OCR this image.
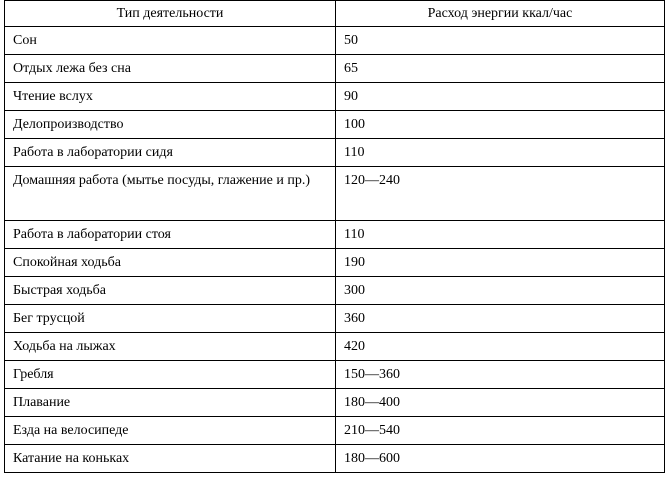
Тип деятельности	Расход энергии ккал/час
Сон	50
Отдых лежа без сна	65
Чтение вслух	90
Делопроизводство	100
Работа в лаборатории сидя	110
Домашняя работа (мытье посуды, глажение и пр.)	120—240
Работа в лаборатории стоя	110
Спокойная ходьба	190
Быстрая ходьба	300
Бег трусцой	360
Ходьба на лыжах	420
Гребля	150—360
Плавание	180—400
Езда на велосипеде	210—540
Катание на коньках	180—600
